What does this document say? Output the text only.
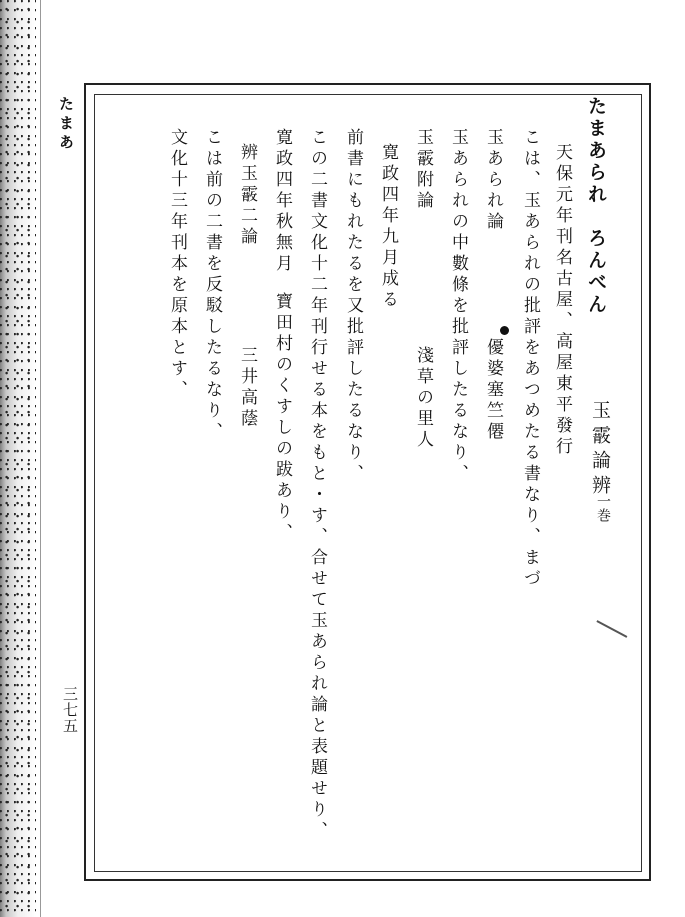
たまあ
三七五
たまあられ　ろんべん
玉霰論辨
一巻
天保元年刊名古屋、高屋東平發行
こは、玉あられの批評をあつめたる書なり、まづ
玉あられ論
優婆塞竺僊
玉あられの中數條を批評したるなり、
玉霰附論
淺草の里人
寛政四年九月成る
前書にもれたるを又批評したるなり、
この二書文化十二年刊行せる本をもと・す、合せて玉あられ論と表題せり、
寛政四年秋無月
寶田村のくすしの跋あり、
辨玉霰二論
三井高蔭
こは前の二書を反駁したるなり、
文化十三年刊本を原本とす、
